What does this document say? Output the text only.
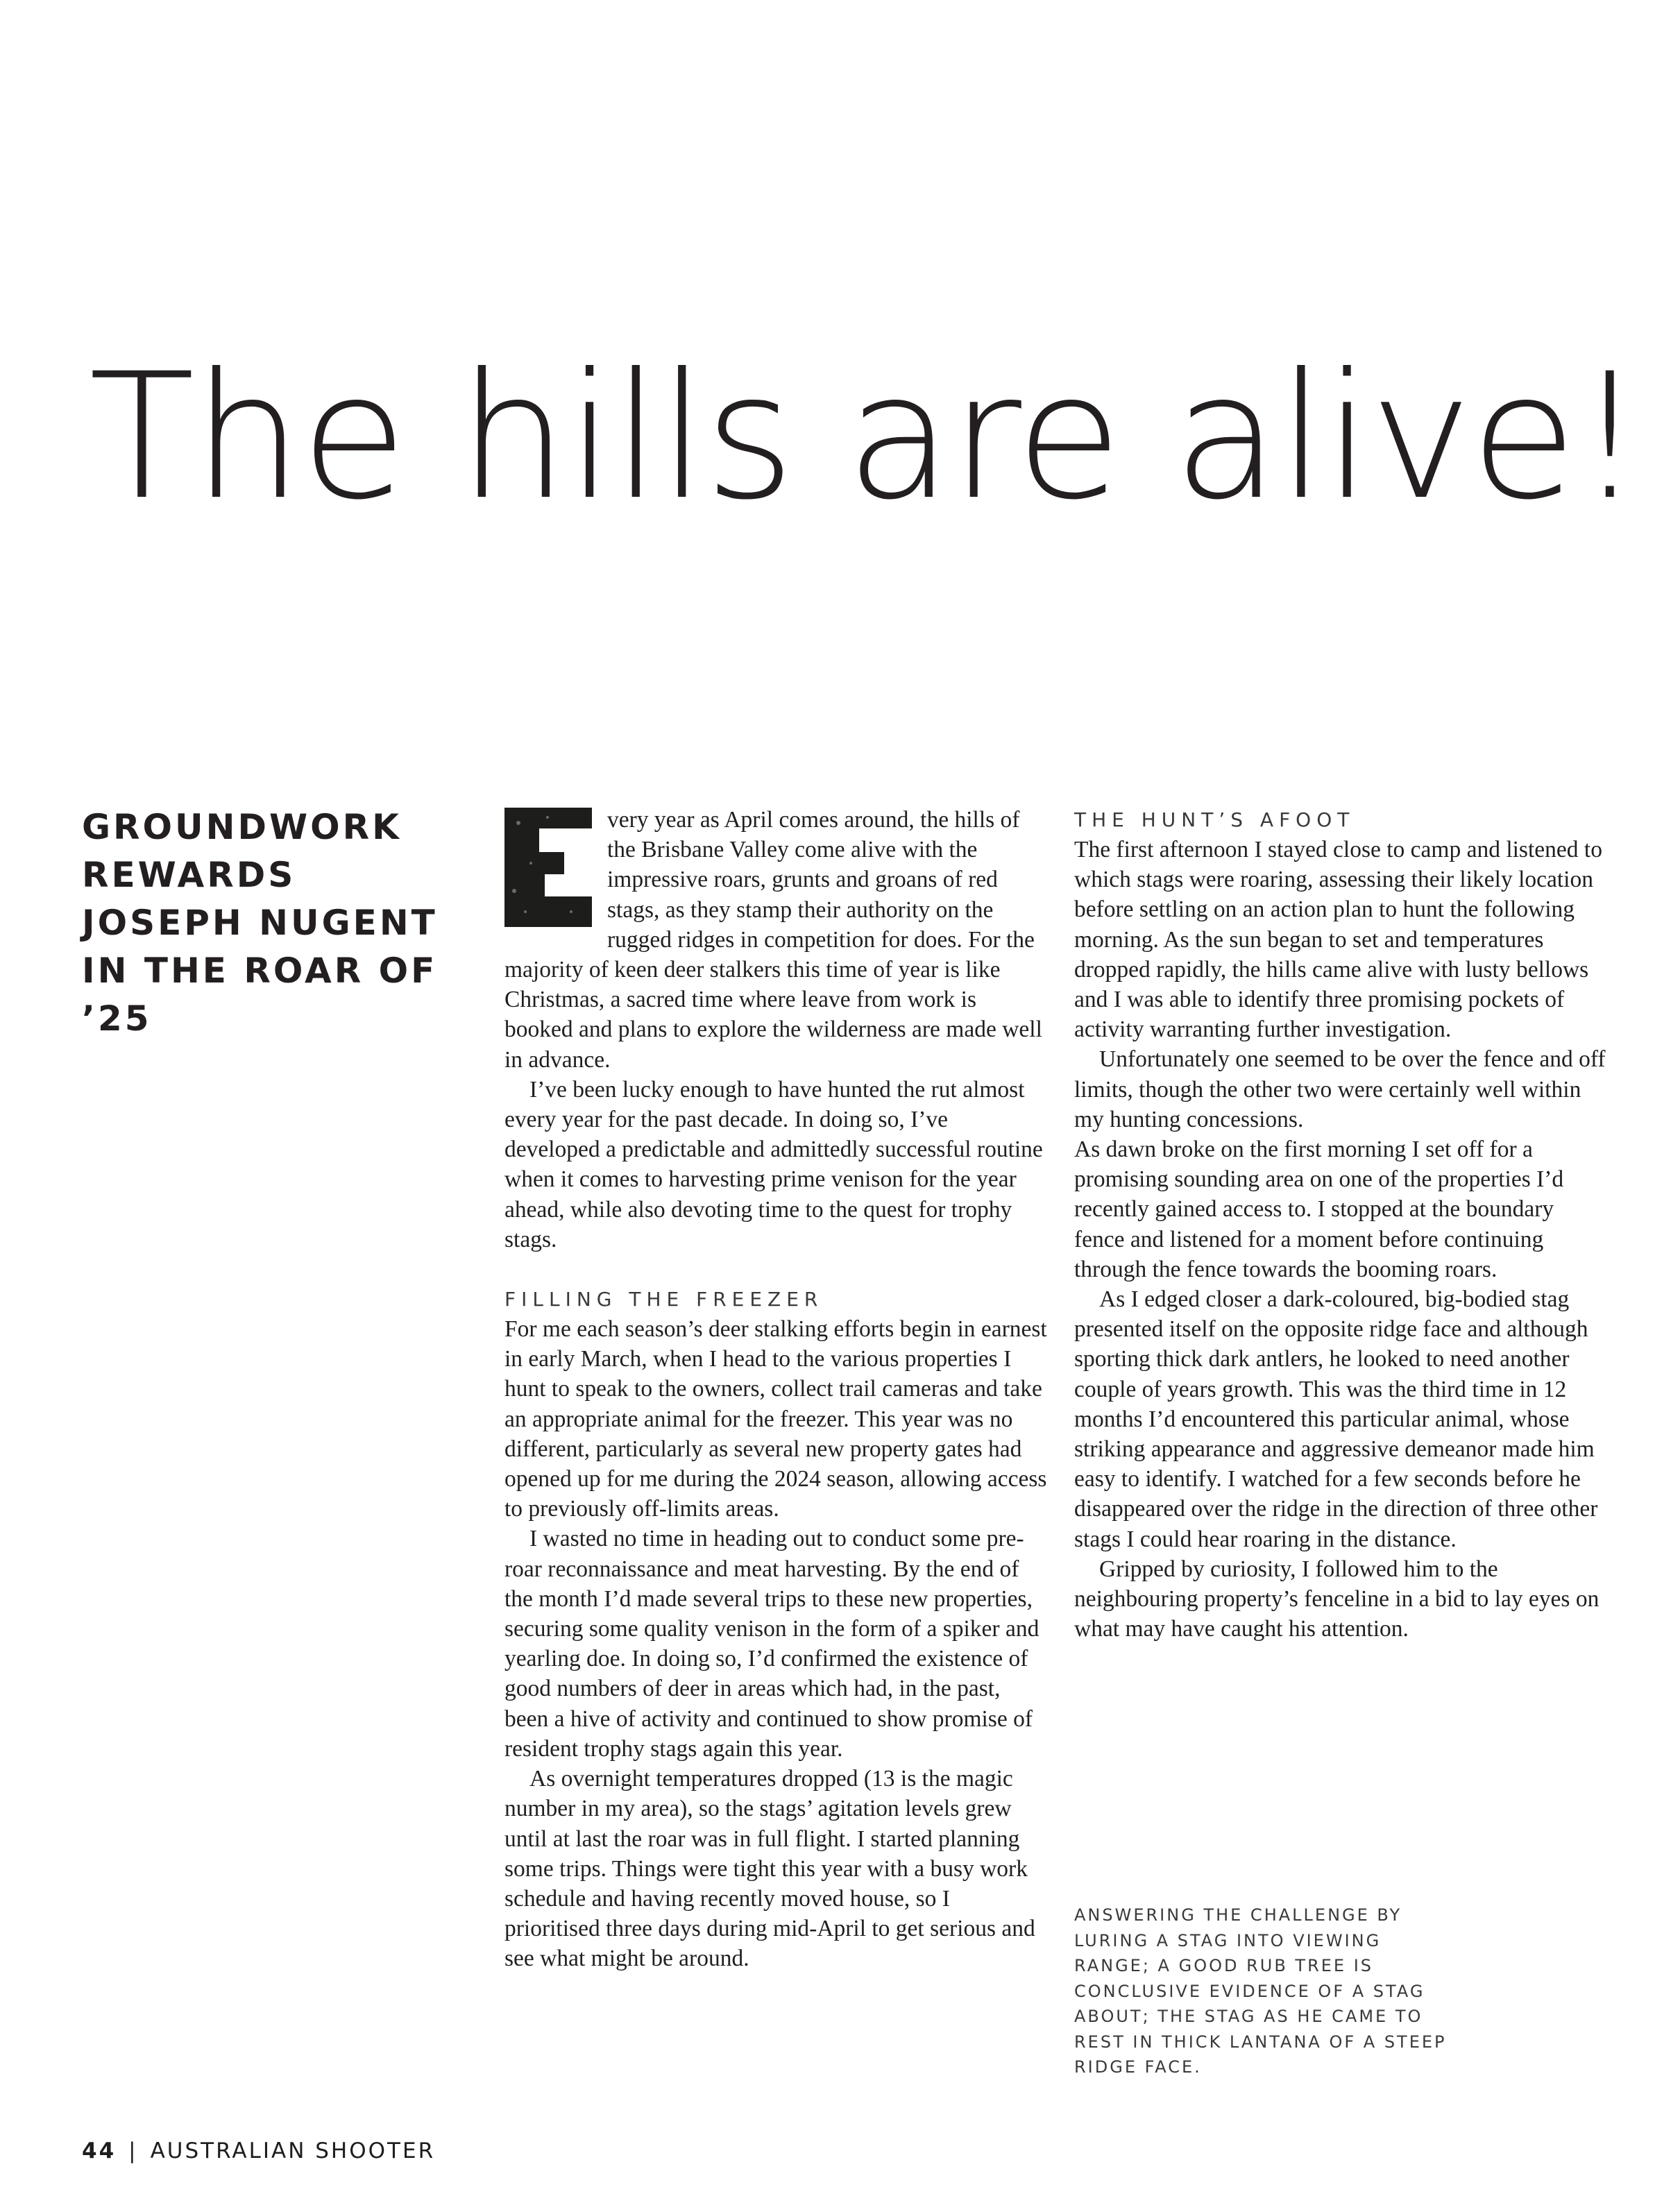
The hills are alive!
GROUNDWORK REWARDS JOSEPH NUGENT IN THE ROAR OF ’25

very year as April comes around, the hills of the Brisbane Valley come alive with the impressive roars, grunts and groans of red stags, as they stamp their authority on the rugged ridges in competition for does. For the majority of keen deer stalkers this time of year is like Christmas, a sacred time where leave from work is booked and plans to explore the wilderness are made well in advance.

I’ve been lucky enough to have hunted the rut almost every year for the past decade. In doing so, I’ve developed a predictable and admittedly successful routine when it comes to harvesting prime venison for the year ahead, while also devoting time to the quest for trophy stags.

FILLING THE FREEZER

For me each season’s deer stalking efforts begin in earnest in early March, when I head to the various properties I hunt to speak to the owners, collect trail cameras and take an appropriate animal for the freezer. This year was no different, particularly as several new property gates had opened up for me during the 2024 season, allowing access to previously off-limits areas.

I wasted no time in heading out to conduct some pre-roar reconnaissance and meat harvesting. By the end of the month I’d made several trips to these new properties, securing some quality venison in the form of a spiker and yearling doe. In doing so, I’d confirmed the existence of good numbers of deer in areas which had, in the past, been a hive of activity and continued to show promise of resident trophy stags again this year.

As overnight temperatures dropped (13 is the magic number in my area), so the stags’ agitation levels grew until at last the roar was in full flight. I started planning some trips. Things were tight this year with a busy work schedule and having recently moved house, so I prioritised three days during mid-April to get serious and see what might be around.

THE HUNT’S AFOOT

The first afternoon I stayed close to camp and listened to which stags were roaring, assessing their likely location before settling on an action plan to hunt the following morning. As the sun began to set and temperatures dropped rapidly, the hills came alive with lusty bellows and I was able to identify three promising pockets of activity warranting further investigation.

Unfortunately one seemed to be over the fence and off limits, though the other two were certainly well within my hunting concessions.

As dawn broke on the first morning I set off for a promising sounding area on one of the properties I’d recently gained access to. I stopped at the boundary fence and listened for a moment before continuing through the fence towards the booming roars.

As I edged closer a dark-coloured, big-bodied stag presented itself on the opposite ridge face and although sporting thick dark antlers, he looked to need another couple of years growth. This was the third time in 12 months I’d encountered this particular animal, whose striking appearance and aggressive demeanor made him easy to identify. I watched for a few seconds before he disappeared over the ridge in the direction of three other stags I could hear roaring in the distance.

Gripped by curiosity, I followed him to the neighbouring property’s fenceline in a bid to lay eyes on what may have caught his attention.

ANSWERING THE CHALLENGE BY LURING A STAG INTO VIEWING RANGE; A GOOD RUB TREE IS CONCLUSIVE EVIDENCE OF A STAG ABOUT; THE STAG AS HE CAME TO REST IN THICK LANTANA OF A STEEP RIDGE FACE.

44 | AUSTRALIAN SHOOTER
